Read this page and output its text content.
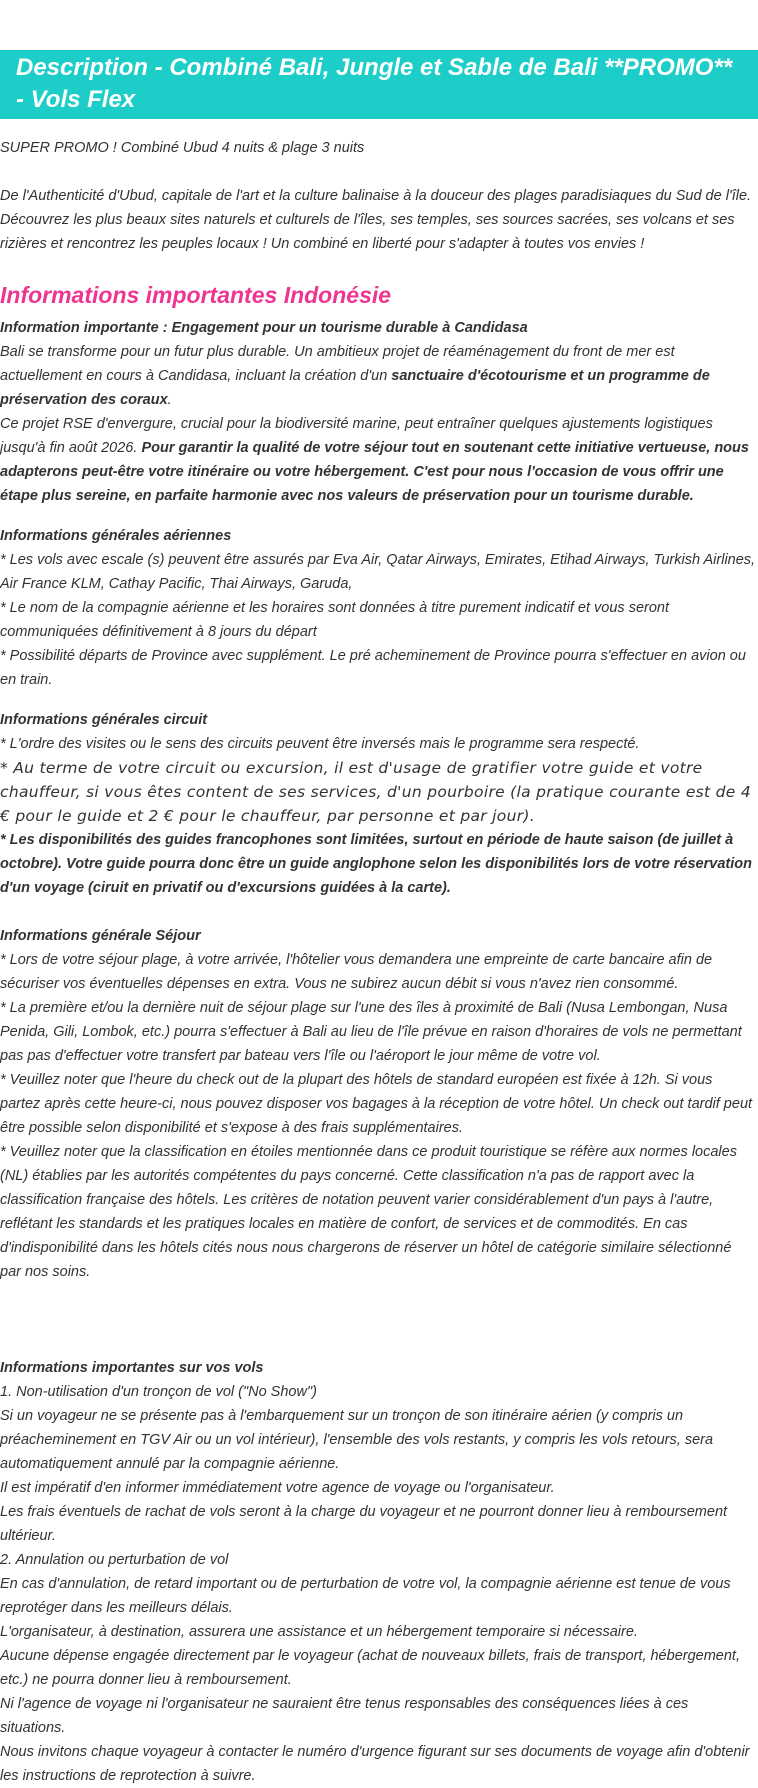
Description - Combiné Bali, Jungle et Sable de Bali **PROMO** - Vols Flex

SUPER PROMO ! Combiné Ubud 4 nuits & plage 3 nuits

De l'Authenticité d'Ubud, capitale de l'art et la culture balinaise à la douceur des plages paradisiaques du Sud de l'île. Découvrez les plus beaux sites naturels et culturels de l'îles, ses temples, ses sources sacrées, ses volcans et ses rizières et rencontrez les peuples locaux ! Un combiné en liberté pour s'adapter à toutes vos envies !

Informations importantes Indonésie

Information importante : Engagement pour un tourisme durable à Candidasa

Bali se transforme pour un futur plus durable. Un ambitieux projet de réaménagement du front de mer est actuellement en cours à Candidasa, incluant la création d'un sanctuaire d'écotourisme et un programme de préservation des coraux.

Ce projet RSE d'envergure, crucial pour la biodiversité marine, peut entraîner quelques ajustements logistiques jusqu'à fin août 2026. Pour garantir la qualité de votre séjour tout en soutenant cette initiative vertueuse, nous adapterons peut-être votre itinéraire ou votre hébergement. C'est pour nous l'occasion de vous offrir une étape plus sereine, en parfaite harmonie avec nos valeurs de préservation pour un tourisme durable.

Informations générales aériennes

* Les vols avec escale (s) peuvent être assurés par Eva Air, Qatar Airways, Emirates, Etihad Airways, Turkish Airlines, Air France KLM, Cathay Pacific, Thai Airways, Garuda,

* Le nom de la compagnie aérienne et les horaires sont données à titre purement indicatif et vous seront communiquées définitivement à 8 jours du départ

* Possibilité départs de Province avec supplément. Le pré acheminement de Province pourra s'effectuer en avion ou en train.

Informations générales circuit

* L'ordre des visites ou le sens des circuits peuvent être inversés mais le programme sera respecté.

* Au terme de votre circuit ou excursion, il est d'usage de gratifier votre guide et votre chauffeur, si vous êtes content de ses services, d'un pourboire (la pratique courante est de 4 € pour le guide et 2 € pour le chauffeur, par personne et par jour).

* Les disponibilités des guides francophones sont limitées, surtout en période de haute saison (de juillet à octobre). Votre guide pourra donc être un guide anglophone selon les disponibilités lors de votre réservation d'un voyage (ciruit en privatif ou d'excursions guidées à la carte).

Informations générale Séjour

* Lors de votre séjour plage, à votre arrivée, l'hôtelier vous demandera une empreinte de carte bancaire afin de sécuriser vos éventuelles dépenses en extra. Vous ne subirez aucun débit si vous n'avez rien consommé.

* La première et/ou la dernière nuit de séjour plage sur l'une des îles à proximité de Bali (Nusa Lembongan, Nusa Penida, Gili, Lombok, etc.) pourra s'effectuer à Bali au lieu de l'île prévue en raison d'horaires de vols ne permettant pas pas d'effectuer votre transfert par bateau vers l'île ou l'aéroport le jour même de votre vol.

* Veuillez noter que l'heure du check out de la plupart des hôtels de standard européen est fixée à 12h. Si vous partez après cette heure-ci, nous pouvez disposer vos bagages à la réception de votre hôtel. Un check out tardif peut être possible selon disponibilité et s'expose à des frais supplémentaires.

* Veuillez noter que la classification en étoiles mentionnée dans ce produit touristique se réfère aux normes locales (NL) établies par les autorités compétentes du pays concerné. Cette classification n'a pas de rapport avec la classification française des hôtels. Les critères de notation peuvent varier considérablement d'un pays à l'autre, reflétant les standards et les pratiques locales en matière de confort, de services et de commodités. En cas d'indisponibilité dans les hôtels cités nous nous chargerons de réserver un hôtel de catégorie similaire sélectionné par nos soins.

Informations importantes sur vos vols

1. Non-utilisation d'un tronçon de vol ("No Show")

Si un voyageur ne se présente pas à l'embarquement sur un tronçon de son itinéraire aérien (y compris un préacheminement en TGV Air ou un vol intérieur), l'ensemble des vols restants, y compris les vols retours, sera automatiquement annulé par la compagnie aérienne.

Il est impératif d'en informer immédiatement votre agence de voyage ou l'organisateur.

Les frais éventuels de rachat de vols seront à la charge du voyageur et ne pourront donner lieu à remboursement ultérieur.

2. Annulation ou perturbation de vol

En cas d'annulation, de retard important ou de perturbation de votre vol, la compagnie aérienne est tenue de vous reprotéger dans les meilleurs délais.

L'organisateur, à destination, assurera une assistance et un hébergement temporaire si nécessaire.

Aucune dépense engagée directement par le voyageur (achat de nouveaux billets, frais de transport, hébergement, etc.) ne pourra donner lieu à remboursement.

Ni l'agence de voyage ni l'organisateur ne sauraient être tenus responsables des conséquences liées à ces situations.

Nous invitons chaque voyageur à contacter le numéro d'urgence figurant sur ses documents de voyage afin d'obtenir les instructions de reprotection à suivre.
